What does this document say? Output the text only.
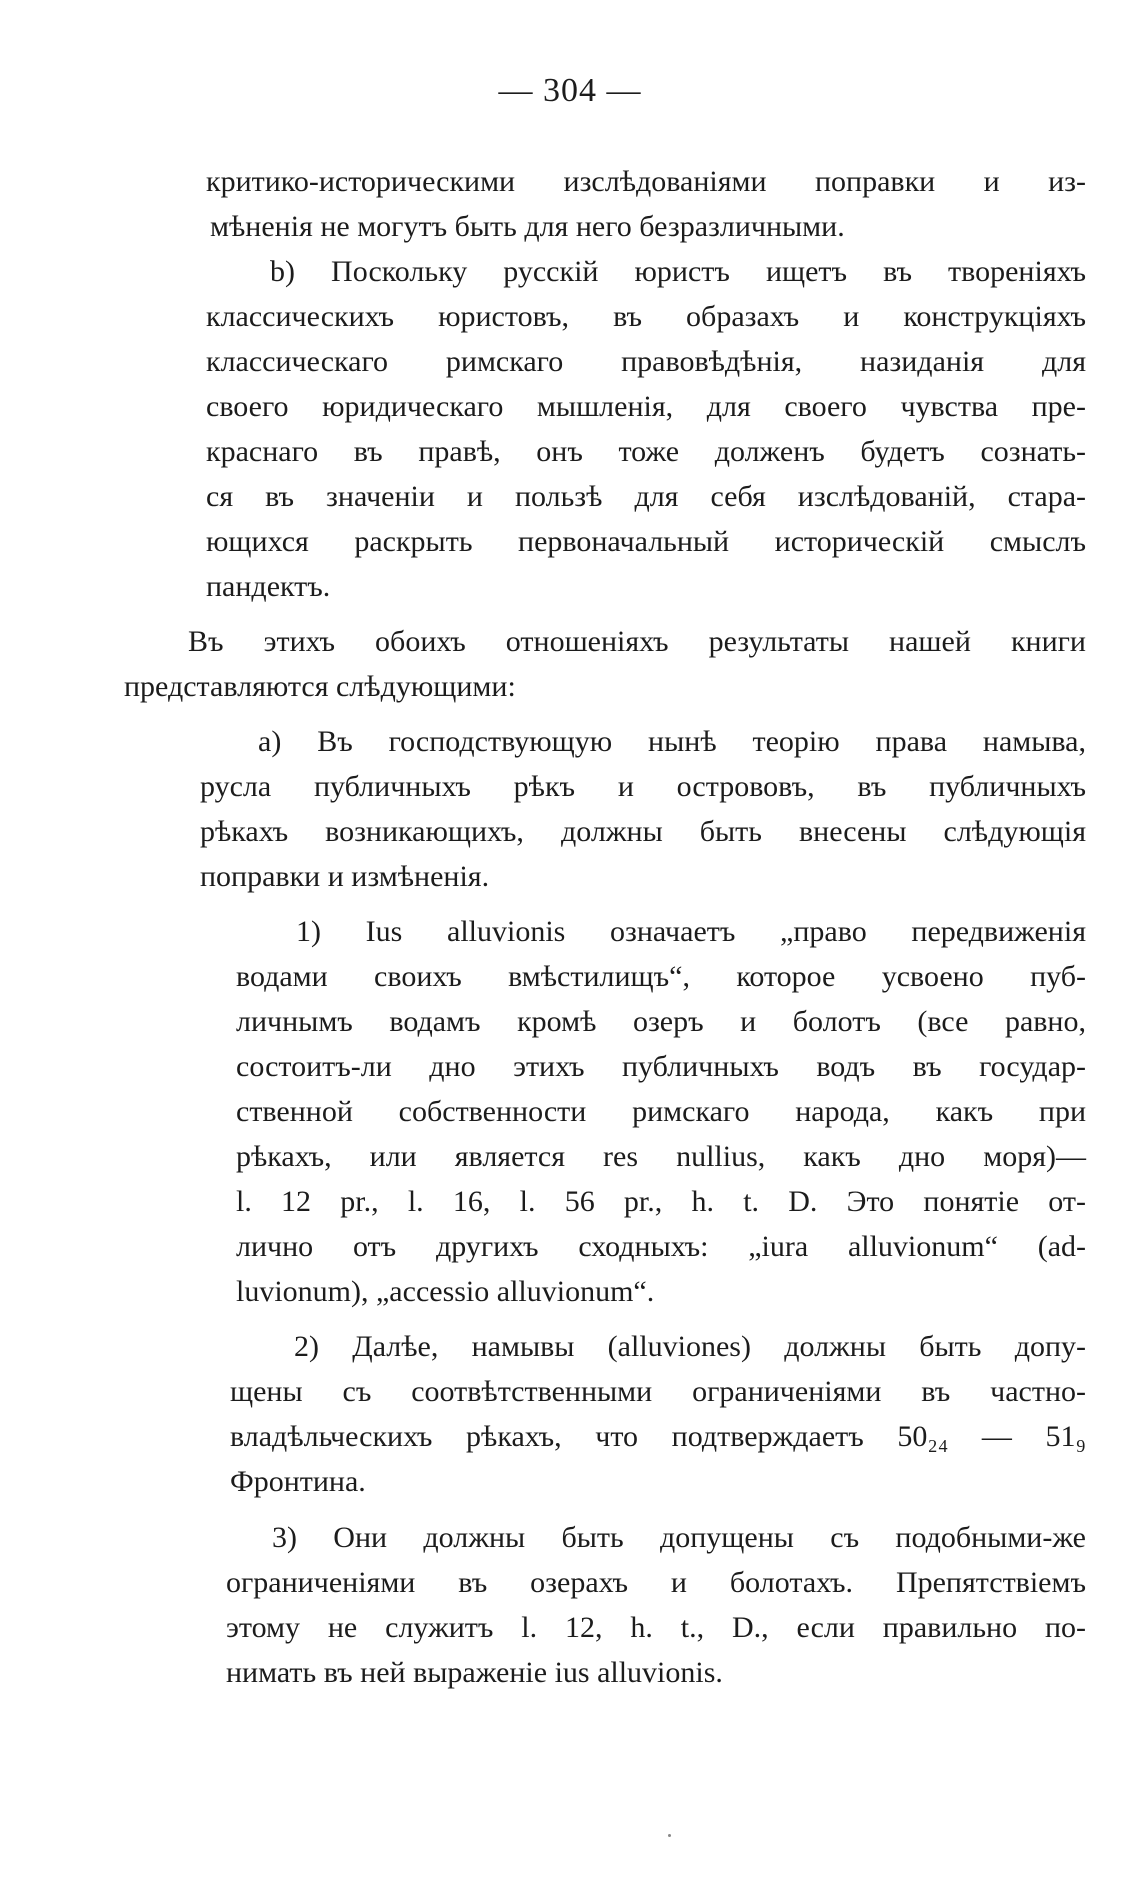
— 304 —
критико-историческими изслѣдованіями поправки и из-
мѣненія не могутъ быть для него безразличными.
b) Поскольку русскій юристъ ищетъ въ твореніяхъ
классическихъ юристовъ, въ образахъ и конструкціяхъ
классическаго римскаго правовѣдѣнія, назиданія для
своего юридическаго мышленія, для своего чувства пре-
краснаго въ правѣ, онъ тоже долженъ будетъ сознать-
ся въ значеніи и пользѣ для себя изслѣдованій, стара-
ющихся раскрыть первоначальный историческій смыслъ
пандектъ.
Въ этихъ обоихъ отношеніяхъ результаты нашей книги
представляются слѣдующими:
a) Въ господствующую нынѣ теорію права намыва,
русла публичныхъ рѣкъ и острововъ, въ публичныхъ
рѣкахъ возникающихъ, должны быть внесены слѣдующія
поправки и измѣненія.
1) Ius alluvionis означаетъ „право передвиженія
водами своихъ вмѣстилищъ“, которое усвоено пуб-
личнымъ водамъ кромѣ озеръ и болотъ (все равно,
состоитъ-ли дно этихъ публичныхъ водъ въ государ-
ственной собственности римскаго народа, какъ при
рѣкахъ, или является res nullius, какъ дно моря)—
l. 12 pr., l. 16, l. 56 pr., h. t. D. Это понятіе от-
лично отъ другихъ сходныхъ: „iura alluvionum“ (ad-
luvionum), „accessio alluvionum“.
2) Далѣе, намывы (alluviones) должны быть допу-
щены съ соотвѣтственными ограниченіями въ частно-
владѣльческихъ рѣкахъ, что подтверждаетъ 50₂₄ — 51₉
Фронтина.
3) Они должны быть допущены съ подобными-же
ограниченіями въ озерахъ и болотахъ. Препятствіемъ
этому не служитъ l. 12, h. t., D., если правильно по-
нимать въ ней выраженіе ius alluvionis.
